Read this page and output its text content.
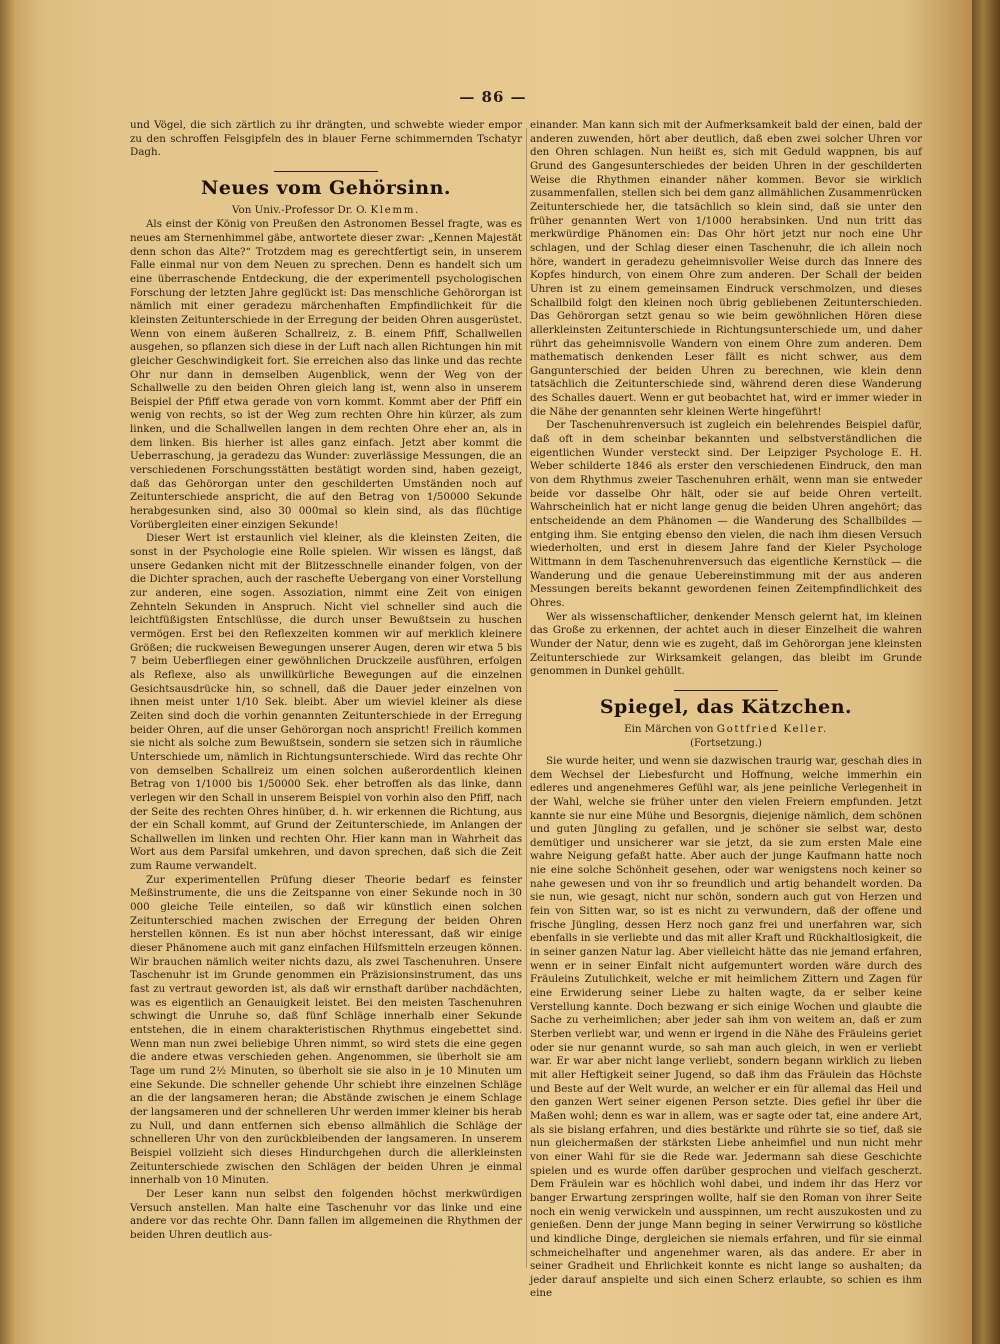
— 86 —

und Vögel, die sich zärtlich zu ihr drängten, und schwebte wieder empor zu den schroffen Felsgipfeln des in blauer Ferne schimmernden Tschatyr Dagh.

Neues vom Gehörsinn.
Von Univ.-Professor Dr. O. Klemm.

Als einst der König von Preußen den Astronomen Bessel fragte, was es neues am Sternenhimmel gäbe, antwortete dieser zwar: „Kennen Majestät denn schon das Alte?“ Trotzdem mag es gerechtfertigt sein, in unserem Falle einmal nur von dem Neuen zu sprechen. Denn es handelt sich um eine überraschende Entdeckung, die der experimentell psychologischen Forschung der letzten Jahre geglückt ist: Das menschliche Gehörorgan ist nämlich mit einer geradezu märchenhaften Empfindlichkeit für die kleinsten Zeitunterschiede in der Erregung der beiden Ohren ausgerüstet. Wenn von einem äußeren Schallreiz, z. B. einem Pfiff, Schallwellen ausgehen, so pflanzen sich diese in der Luft nach allen Richtungen hin mit gleicher Geschwindigkeit fort. Sie erreichen also das linke und das rechte Ohr nur dann in demselben Augenblick, wenn der Weg von der Schallwelle zu den beiden Ohren gleich lang ist, wenn also in unserem Beispiel der Pfiff etwa gerade von vorn kommt. Kommt aber der Pfiff ein wenig von rechts, so ist der Weg zum rechten Ohre hin kürzer, als zum linken, und die Schallwellen langen in dem rechten Ohre eher an, als in dem linken. Bis hierher ist alles ganz einfach. Jetzt aber kommt die Ueberraschung, ja geradezu das Wunder: zuverlässige Messungen, die an verschiedenen Forschungsstätten bestätigt worden sind, haben gezeigt, daß das Gehörorgan unter den geschilderten Umständen noch auf Zeitunterschiede anspricht, die auf den Betrag von 1/50000 Sekunde herabgesunken sind, also 30 000mal so klein sind, als das flüchtige Vorübergleiten einer einzigen Sekunde!

Dieser Wert ist erstaunlich viel kleiner, als die kleinsten Zeiten, die sonst in der Psychologie eine Rolle spielen. Wir wissen es längst, daß unsere Gedanken nicht mit der Blitzesschnelle einander folgen, von der die Dichter sprachen, auch der raschefte Uebergang von einer Vorstellung zur anderen, eine sogen. Assoziation, nimmt eine Zeit von einigen Zehnteln Sekunden in Anspruch. Nicht viel schneller sind auch die leichtfüßigsten Entschlüsse, die durch unser Bewußtsein zu huschen vermögen. Erst bei den Reflexzeiten kommen wir auf merklich kleinere Größen; die ruckweisen Bewegungen unserer Augen, deren wir etwa 5 bis 7 beim Ueberfliegen einer gewöhnlichen Druckzeile ausführen, erfolgen als Reflexe, also als unwillkürliche Bewegungen auf die einzelnen Gesichtsausdrücke hin, so schnell, daß die Dauer jeder einzelnen von ihnen meist unter 1/10 Sek. bleibt. Aber um wieviel kleiner als diese Zeiten sind doch die vorhin genannten Zeitunterschiede in der Erregung beider Ohren, auf die unser Gehörorgan noch anspricht! Freilich kommen sie nicht als solche zum Bewußtsein, sondern sie setzen sich in räumliche Unterschiede um, nämlich in Richtungsunterschiede. Wird das rechte Ohr von demselben Schallreiz um einen solchen außerordentlich kleinen Betrag von 1/1000 bis 1/50000 Sek. eher betroffen als das linke, dann verlegen wir den Schall in unserem Beispiel von vorhin also den Pfiff, nach der Seite des rechten Ohres hinüber, d. h. wir erkennen die Richtung, aus der ein Schall kommt, auf Grund der Zeitunterschiede, im Anlangen der Schallwellen im linken und rechten Ohr. Hier kann man in Wahrheit das Wort aus dem Parsifal umkehren, und davon sprechen, daß sich die Zeit zum Raume verwandelt.

Zur experimentellen Prüfung dieser Theorie bedarf es feinster Meßinstrumente, die uns die Zeitspanne von einer Sekunde noch in 30 000 gleiche Teile einteilen, so daß wir künstlich einen solchen Zeitunterschied machen zwischen der Erregung der beiden Ohren herstellen können. Es ist nun aber höchst interessant, daß wir einige dieser Phänomene auch mit ganz einfachen Hilfsmitteln erzeugen können. Wir brauchen nämlich weiter nichts dazu, als zwei Taschenuhren. Unsere Taschenuhr ist im Grunde genommen ein Präzisionsinstrument, das uns fast zu vertraut geworden ist, als daß wir ernsthaft darüber nachdächten, was es eigentlich an Genauigkeit leistet. Bei den meisten Taschenuhren schwingt die Unruhe so, daß fünf Schläge innerhalb einer Sekunde entstehen, die in einem charakteristischen Rhythmus eingebettet sind. Wenn man nun zwei beliebige Uhren nimmt, so wird stets die eine gegen die andere etwas verschieden gehen. Angenommen, sie überholt sie am Tage um rund 2½ Minuten, so überholt sie sie also in je 10 Minuten um eine Sekunde. Die schneller gehende Uhr schiebt ihre einzelnen Schläge an die der langsameren heran; die Abstände zwischen je einem Schlage der langsameren und der schnelleren Uhr werden immer kleiner bis herab zu Null, und dann entfernen sich ebenso allmählich die Schläge der schnelleren Uhr von den zurückbleibenden der langsameren. In unserem Beispiel vollzieht sich dieses Hindurchgehen durch die allerkleinsten Zeitunterschiede zwischen den Schlägen der beiden Uhren je einmal innerhalb von 10 Minuten.

Der Leser kann nun selbst den folgenden höchst merkwürdigen Versuch anstellen. Man halte eine Taschenuhr vor das linke und eine andere vor das rechte Ohr. Dann fallen im allgemeinen die Rhythmen der beiden Uhren deutlich aus-

einander. Man kann sich mit der Aufmerksamkeit bald der einen, bald der anderen zuwenden, hört aber deutlich, daß eben zwei solcher Uhren vor den Ohren schlagen. Nun heißt es, sich mit Geduld wappnen, bis auf Grund des Gangesunterschiedes der beiden Uhren in der geschilderten Weise die Rhythmen einander näher kommen. Bevor sie wirklich zusammenfallen, stellen sich bei dem ganz allmählichen Zusammenrücken Zeitunterschiede her, die tatsächlich so klein sind, daß sie unter den früher genannten Wert von 1/1000 herabsinken. Und nun tritt das merkwürdige Phänomen ein: Das Ohr hört jetzt nur noch eine Uhr schlagen, und der Schlag dieser einen Taschenuhr, die ich allein noch höre, wandert in geradezu geheimnisvoller Weise durch das Innere des Kopfes hindurch, von einem Ohre zum anderen. Der Schall der beiden Uhren ist zu einem gemeinsamen Eindruck verschmolzen, und dieses Schallbild folgt den kleinen noch übrig gebliebenen Zeitunterschieden. Das Gehörorgan setzt genau so wie beim gewöhnlichen Hören diese allerkleinsten Zeitunterschiede in Richtungsunterschiede um, und daher rührt das geheimnisvolle Wandern von einem Ohre zum anderen. Dem mathematisch denkenden Leser fällt es nicht schwer, aus dem Gangunterschied der beiden Uhren zu berechnen, wie klein denn tatsächlich die Zeitunterschiede sind, während deren diese Wanderung des Schalles dauert. Wenn er gut beobachtet hat, wird er immer wieder in die Nähe der genannten sehr kleinen Werte hingeführt!

Der Taschenuhrenversuch ist zugleich ein belehrendes Beispiel dafür, daß oft in dem scheinbar bekannten und selbstverständlichen die eigentlichen Wunder versteckt sind. Der Leipziger Psychologe E. H. Weber schilderte 1846 als erster den verschiedenen Eindruck, den man von dem Rhythmus zweier Taschenuhren erhält, wenn man sie entweder beide vor dasselbe Ohr hält, oder sie auf beide Ohren verteilt. Wahrscheinlich hat er nicht lange genug die beiden Uhren angehört; das entscheidende an dem Phänomen — die Wanderung des Schallbildes — entging ihm. Sie entging ebenso den vielen, die nach ihm diesen Versuch wiederholten, und erst in diesem Jahre fand der Kieler Psychologe Wittmann in dem Taschenuhrenversuch das eigentliche Kernstück — die Wanderung und die genaue Uebereinstimmung mit der aus anderen Messungen bereits bekannt gewordenen feinen Zeitempfindlichkeit des Ohres.

Wer als wissenschaftlicher, denkender Mensch gelernt hat, im kleinen das Große zu erkennen, der achtet auch in dieser Einzelheit die wahren Wunder der Natur, denn wie es zugeht, daß im Gehörorgan jene kleinsten Zeitunterschiede zur Wirksamkeit gelangen, das bleibt im Grunde genommen in Dunkel gehüllt.

Spiegel, das Kätzchen.
Ein Märchen von Gottfried Keller.
(Fortsetzung.)

Sie wurde heiter, und wenn sie dazwischen traurig war, geschah dies in dem Wechsel der Liebesfurcht und Hoffnung, welche immerhin ein edleres und angenehmeres Gefühl war, als jene peinliche Verlegenheit in der Wahl, welche sie früher unter den vielen Freiern empfunden. Jetzt kannte sie nur eine Mühe und Besorgnis, diejenige nämlich, dem schönen und guten Jüngling zu gefallen, und je schöner sie selbst war, desto demütiger und unsicherer war sie jetzt, da sie zum ersten Male eine wahre Neigung gefaßt hatte. Aber auch der junge Kaufmann hatte noch nie eine solche Schönheit gesehen, oder war wenigstens noch keiner so nahe gewesen und von ihr so freundlich und artig behandelt worden. Da sie nun, wie gesagt, nicht nur schön, sondern auch gut von Herzen und fein von Sitten war, so ist es nicht zu verwundern, daß der offene und frische Jüngling, dessen Herz noch ganz frei und unerfahren war, sich ebenfalls in sie verliebte und das mit aller Kraft und Rückhaltlosigkeit, die in seiner ganzen Natur lag. Aber vielleicht hätte das nie jemand erfahren, wenn er in seiner Einfalt nicht aufgemuntert worden wäre durch des Fräuleins Zutulichkeit, welche er mit heimlichem Zittern und Zagen für eine Erwiderung seiner Liebe zu halten wagte, da er selber keine Verstellung kannte. Doch bezwang er sich einige Wochen und glaubte die Sache zu verheimlichen; aber jeder sah ihm von weitem an, daß er zum Sterben verliebt war, und wenn er irgend in die Nähe des Fräuleins geriet oder sie nur genannt wurde, so sah man auch gleich, in wen er verliebt war. Er war aber nicht lange verliebt, sondern begann wirklich zu lieben mit aller Heftigkeit seiner Jugend, so daß ihm das Fräulein das Höchste und Beste auf der Welt wurde, an welcher er ein für allemal das Heil und den ganzen Wert seiner eigenen Person setzte. Dies gefiel ihr über die Maßen wohl; denn es war in allem, was er sagte oder tat, eine andere Art, als sie bislang erfahren, und dies bestärkte und rührte sie so tief, daß sie nun gleichermaßen der stärksten Liebe anheimfiel und nun nicht mehr von einer Wahl für sie die Rede war. Jedermann sah diese Geschichte spielen und es wurde offen darüber gesprochen und vielfach gescherzt. Dem Fräulein war es höchlich wohl dabei, und indem ihr das Herz vor banger Erwartung zerspringen wollte, half sie den Roman von ihrer Seite noch ein wenig verwickeln und ausspinnen, um recht auszukosten und zu genießen. Denn der junge Mann beging in seiner Verwirrung so köstliche und kindliche Dinge, dergleichen sie niemals erfahren, und für sie einmal schmeichelhafter und angenehmer waren, als das andere. Er aber in seiner Gradheit und Ehrlichkeit konnte es nicht lange so aushalten; da jeder darauf anspielte und sich einen Scherz erlaubte, so schien es ihm eine
